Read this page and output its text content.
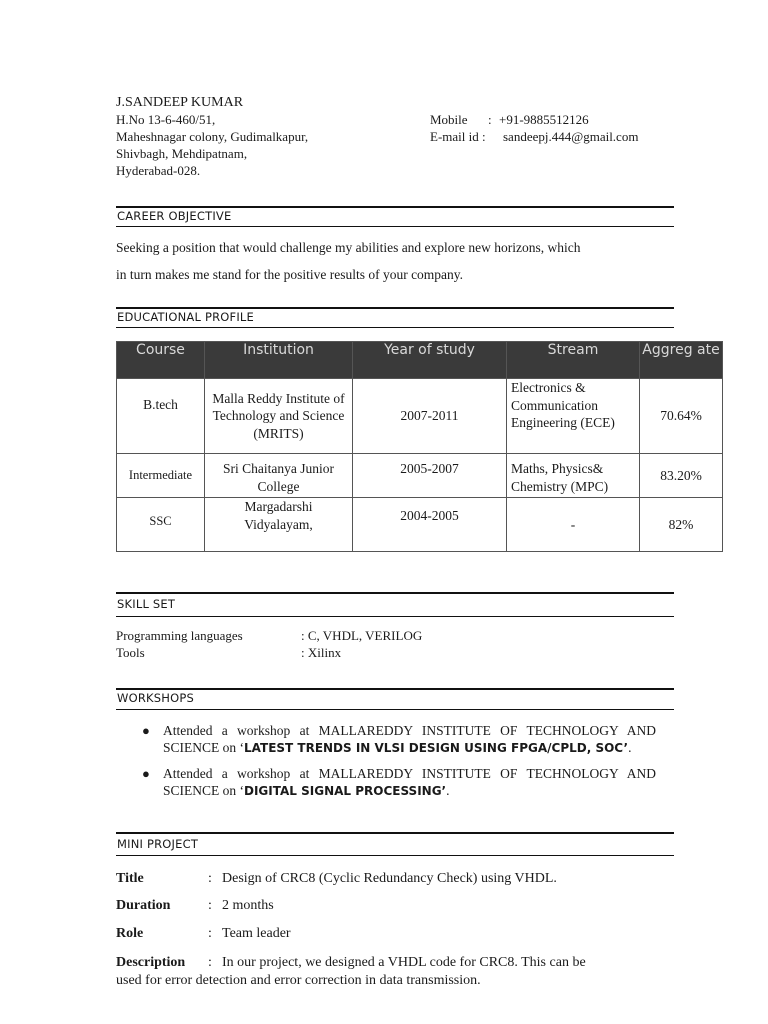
J.SANDEEP KUMAR
H.No 13-6-460/51,
Maheshnagar colony, Gudimalkapur,
Shivbagh, Mehdipatnam,
Hyderabad-028.
Mobile : +91-9885512126
E-mail id : sandeepj.444@gmail.com
CAREER OBJECTIVE
Seeking a position that would challenge my abilities and explore new horizons, which
in turn makes me stand for the positive results of your company.
EDUCATIONAL PROFILE
Course	Institution	Year of study	Stream	Aggreg ate
B.tech	Malla Reddy Institute of Technology and Science (MRITS)	2007-2011	Electronics & Communication Engineering (ECE)	70.64%
Intermediate	Sri Chaitanya Junior College	2005-2007	Maths, Physics& Chemistry (MPC)	83.20%
SSC	Margadarshi Vidyalayam,	2004-2005	-	82%
SKILL SET
Programming languages	: C, VHDL, VERILOG
Tools	: Xilinx
WORKSHOPS
● Attended a workshop at MALLAREDDY INSTITUTE OF TECHNOLOGY AND SCIENCE on ‘LATEST TRENDS IN VLSI DESIGN USING FPGA/CPLD, SOC’.
● Attended a workshop at MALLAREDDY INSTITUTE OF TECHNOLOGY AND SCIENCE on ‘DIGITAL SIGNAL PROCESSING’.
MINI PROJECT
Title	: Design of CRC8 (Cyclic Redundancy Check) using VHDL.
Duration	: 2 months
Role	: Team leader
Description : In our project, we designed a VHDL code for CRC8. This can be
used for error detection and error correction in data transmission.
